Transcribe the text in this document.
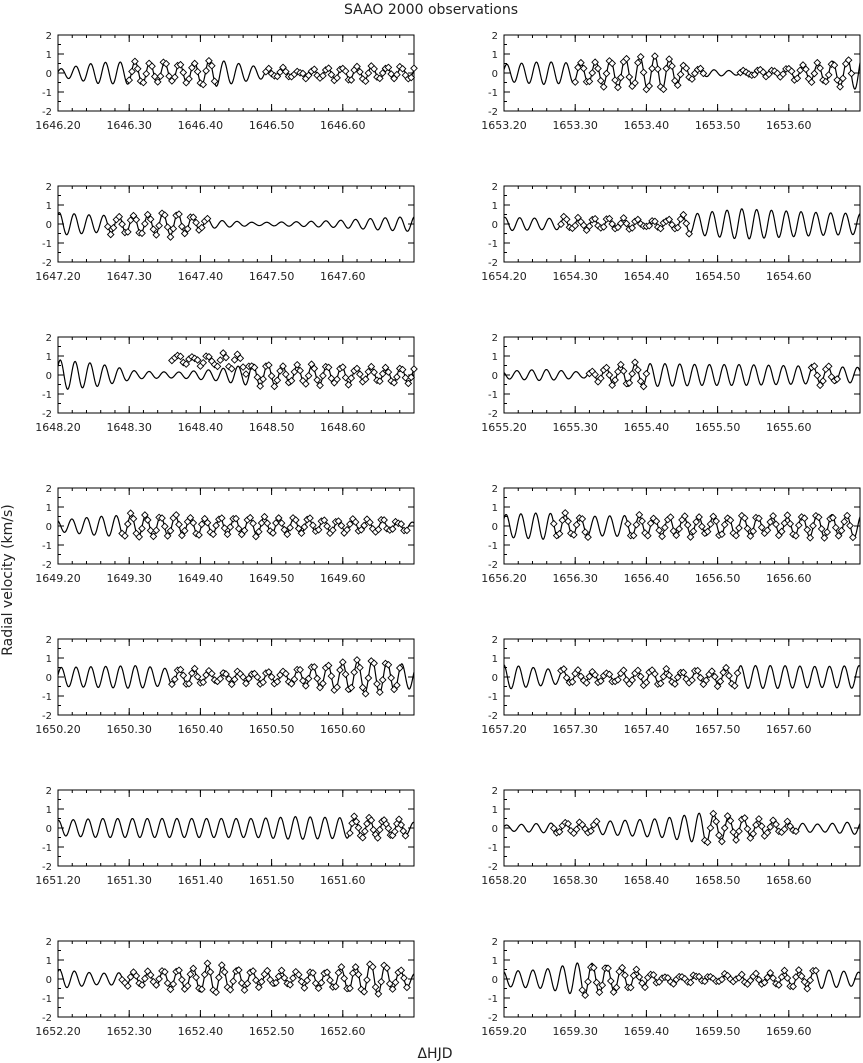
SAAO 2000 observations
Radial velocity (km/s)
ΔHJD
2
1
0
-1
-2
1646.20 1646.30 1646.40 1646.50 1646.60
2
1
0
-1
-2
1647.20 1647.30 1647.40 1647.50 1647.60
2
1
0
-1
-2
1648.20 1648.30 1648.40 1648.50 1648.60
2
1
0
-1
-2
1649.20 1649.30 1649.40 1649.50 1649.60
2
1
0
-1
-2
1650.20 1650.30 1650.40 1650.50 1650.60
2
1
0
-1
-2
1651.20 1651.30 1651.40 1651.50 1651.60
2
1
0
-1
-2
1652.20 1652.30 1652.40 1652.50 1652.60
2
1
0
-1
-2
1653.20 1653.30 1653.40 1653.50 1653.60
2
1
0
-1
-2
1654.20 1654.30 1654.40 1654.50 1654.60
2
1
0
-1
-2
1655.20 1655.30 1655.40 1655.50 1655.60
2
1
0
-1
-2
1656.20 1656.30 1656.40 1656.50 1656.60
2
1
0
-1
-2
1657.20 1657.30 1657.40 1657.50 1657.60
2
1
0
-1
-2
1658.20 1658.30 1658.40 1658.50 1658.60
2
1
0
-1
-2
1659.20 1659.30 1659.40 1659.50 1659.60
